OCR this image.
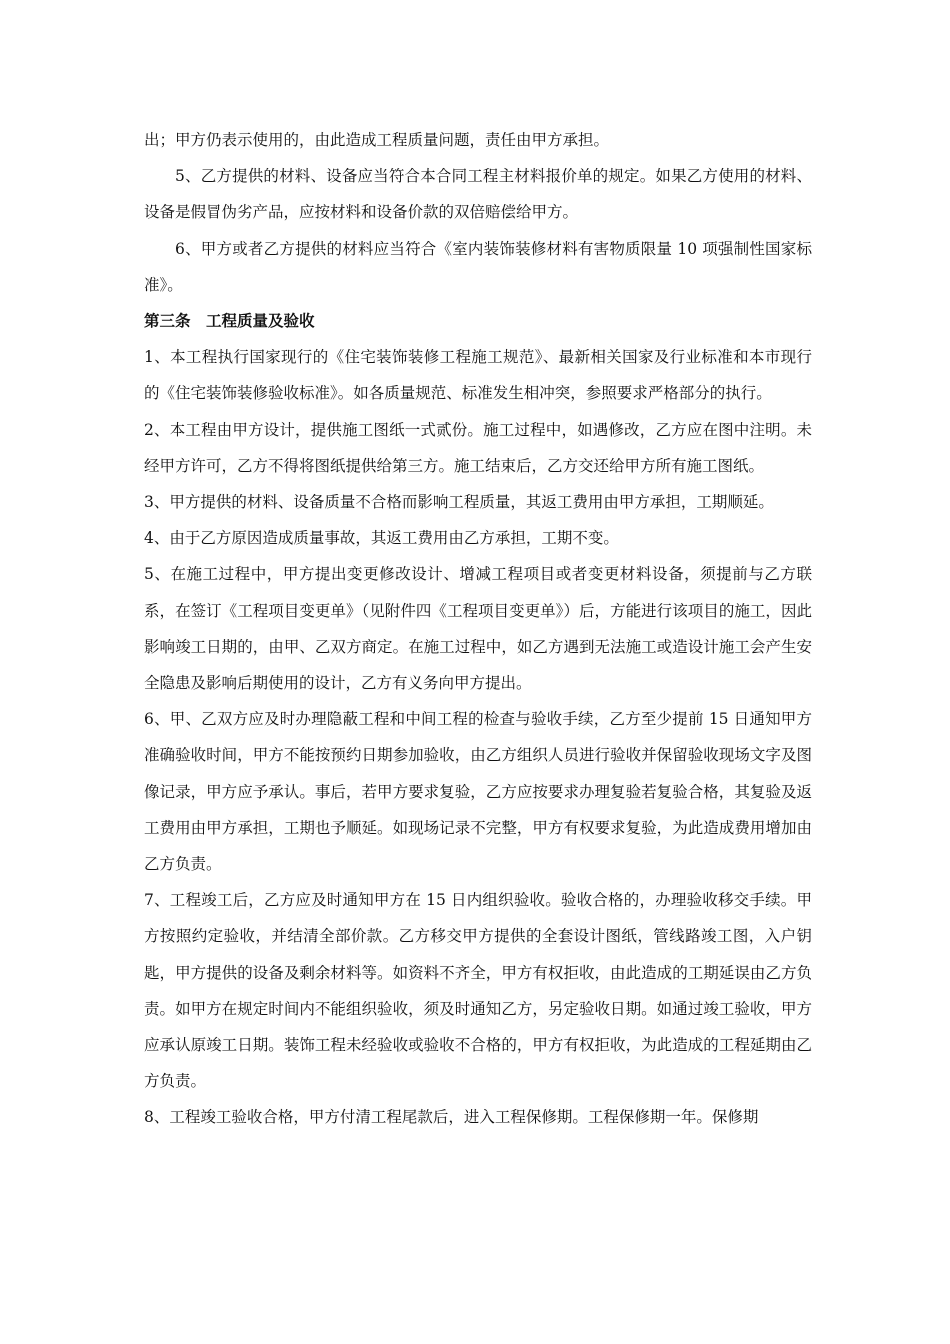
出；甲方仍表示使用的，由此造成工程质量问题，责任由甲方承担。

5、乙方提供的材料、设备应当符合本合同工程主材料报价单的规定。如果乙方使用的材料、设备是假冒伪劣产品，应按材料和设备价款的双倍赔偿给甲方。

6、甲方或者乙方提供的材料应当符合《室内装饰装修材料有害物质限量 10 项强制性国家标准》。

第三条　工程质量及验收

1、本工程执行国家现行的《住宅装饰装修工程施工规范》、最新相关国家及行业标准和本市现行的《住宅装饰装修验收标准》。如各质量规范、标准发生相冲突，参照要求严格部分的执行。

2、本工程由甲方设计，提供施工图纸一式贰份。施工过程中，如遇修改，乙方应在图中注明。未经甲方许可，乙方不得将图纸提供给第三方。施工结束后，乙方交还给甲方所有施工图纸。

3、甲方提供的材料、设备质量不合格而影响工程质量，其返工费用由甲方承担，工期顺延。

4、由于乙方原因造成质量事故，其返工费用由乙方承担，工期不变。

5、在施工过程中，甲方提出变更修改设计、增减工程项目或者变更材料设备，须提前与乙方联系，在签订《工程项目变更单》（见附件四《工程项目变更单》）后，方能进行该项目的施工，因此影响竣工日期的，由甲、乙双方商定。在施工过程中，如乙方遇到无法施工或造设计施工会产生安全隐患及影响后期使用的设计，乙方有义务向甲方提出。

6、甲、乙双方应及时办理隐蔽工程和中间工程的检查与验收手续，乙方至少提前 15 日通知甲方准确验收时间，甲方不能按预约日期参加验收，由乙方组织人员进行验收并保留验收现场文字及图像记录，甲方应予承认。事后，若甲方要求复验，乙方应按要求办理复验若复验合格，其复验及返工费用由甲方承担，工期也予顺延。如现场记录不完整，甲方有权要求复验，为此造成费用增加由乙方负责。

7、工程竣工后，乙方应及时通知甲方在 15 日内组织验收。验收合格的，办理验收移交手续。甲方按照约定验收，并结清全部价款。乙方移交甲方提供的全套设计图纸，管线路竣工图，入户钥匙，甲方提供的设备及剩余材料等。如资料不齐全，甲方有权拒收，由此造成的工期延误由乙方负责。如甲方在规定时间内不能组织验收，须及时通知乙方，另定验收日期。如通过竣工验收，甲方应承认原竣工日期。装饰工程未经验收或验收不合格的，甲方有权拒收，为此造成的工程延期由乙方负责。

8、工程竣工验收合格，甲方付清工程尾款后，进入工程保修期。工程保修期一年。保修期
